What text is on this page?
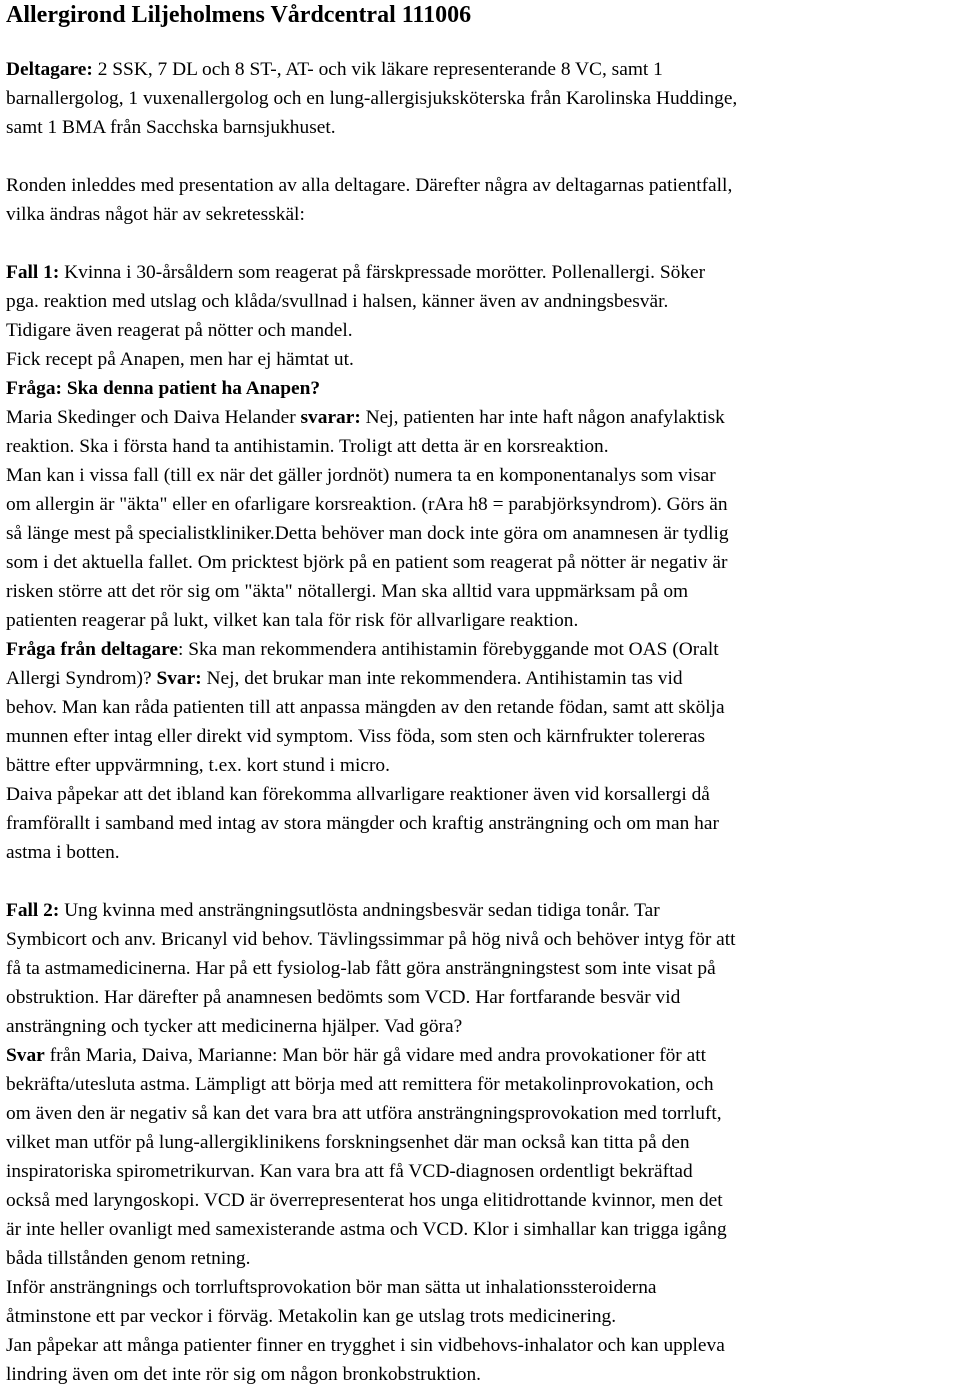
Allergirond Liljeholmens Vårdcentral 111006

Deltagare: 2 SSK, 7 DL och 8 ST-, AT- och vik läkare representerande 8 VC, samt 1
barnallergolog, 1 vuxenallergolog och en lung-allergisjuksköterska från Karolinska Huddinge,
samt 1 BMA från Sacchska barnsjukhuset.

Ronden inleddes med presentation av alla deltagare. Därefter några av deltagarnas patientfall,
vilka ändras något här av sekretesskäl:

Fall 1: Kvinna i 30-årsåldern som reagerat på färskpressade morötter. Pollenallergi. Söker
pga. reaktion med utslag och klåda/svullnad i halsen, känner även av andningsbesvär.
Tidigare även reagerat på nötter och mandel.
Fick recept på Anapen, men har ej hämtat ut.
Fråga: Ska denna patient ha Anapen?
Maria Skedinger och Daiva Helander svarar: Nej, patienten har inte haft någon anafylaktisk
reaktion. Ska i första hand ta antihistamin. Troligt att detta är en korsreaktion.
Man kan i vissa fall (till ex när det gäller jordnöt) numera ta en komponentanalys som visar
om allergin är "äkta" eller en ofarligare korsreaktion. (rAra h8 = parabjörksyndrom). Görs än
så länge mest på specialistkliniker.Detta behöver man dock inte göra om anamnesen är tydlig
som i det aktuella fallet. Om pricktest björk på en patient som reagerat på nötter är negativ är
risken större att det rör sig om "äkta" nötallergi. Man ska alltid vara uppmärksam på om
patienten reagerar på lukt, vilket kan tala för risk för allvarligare reaktion.
Fråga från deltagare: Ska man rekommendera antihistamin förebyggande mot OAS (Oralt
Allergi Syndrom)? Svar: Nej, det brukar man inte rekommendera. Antihistamin tas vid
behov. Man kan råda patienten till att anpassa mängden av den retande födan, samt att skölja
munnen efter intag eller direkt vid symptom. Viss föda, som sten och kärnfrukter tolereras
bättre efter uppvärmning, t.ex. kort stund i micro.
Daiva påpekar att det ibland kan förekomma allvarligare reaktioner även vid korsallergi då
framförallt i samband med intag av stora mängder och kraftig ansträngning och om man har
astma i botten.
Fall 2: Ung kvinna med ansträngningsutlösta andningsbesvär sedan tidiga tonår. Tar
Symbicort och anv. Bricanyl vid behov. Tävlingssimmar på hög nivå och behöver intyg för att
få ta astmamedicinerna. Har på ett fysiolog-lab fått göra ansträngningstest som inte visat på
obstruktion. Har därefter på anamnesen bedömts som VCD. Har fortfarande besvär vid
ansträngning och tycker att medicinerna hjälper. Vad göra?
Svar från Maria, Daiva, Marianne: Man bör här gå vidare med andra provokationer för att
bekräfta/utesluta astma. Lämpligt att börja med att remittera för metakolinprovokation, och
om även den är negativ så kan det vara bra att utföra ansträngningsprovokation med torrluft,
vilket man utför på lung-allergiklinikens forskningsenhet där man också kan titta på den
inspiratoriska spirometrikurvan. Kan vara bra att få VCD-diagnosen ordentligt bekräftad
också med laryngoskopi. VCD är överrepresenterat hos unga elitidrottande kvinnor, men det
är inte heller ovanligt med samexisterande astma och VCD. Klor i simhallar kan trigga igång
båda tillstånden genom retning.
Inför ansträngnings och torrluftsprovokation bör man sätta ut inhalationssteroiderna
åtminstone ett par veckor i förväg. Metakolin kan ge utslag trots medicinering.
Jan påpekar att många patienter finner en trygghet i sin vidbehovs-inhalator och kan uppleva
lindring även om det inte rör sig om någon bronkobstruktion.
